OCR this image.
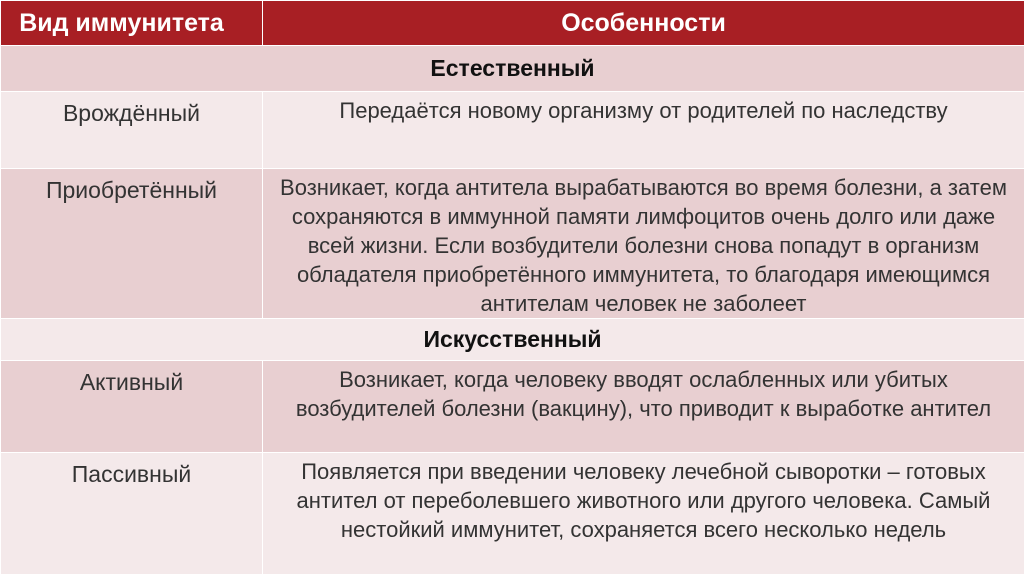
Вид иммунитета	Особенности
Естественный	
Врождённый	Передаётся новому организму от родителей по наследству
Приобретённый	Возникает, когда антитела вырабатываются во время болезни, а затем сохраняются в иммунной памяти лимфоцитов очень долго или даже всей жизни. Если возбудители болезни снова попадут в организм обладателя приобретённого иммунитета, то благодаря имеющимся антителам человек не заболеет
Искусственный	
Активный	Возникает, когда человеку вводят ослабленных или убитых возбудителей болезни (вакцину), что приводит к выработке антител
Пассивный	Появляется при введении человеку лечебной сыворотки – готовых антител от переболевшего животного или другого человека. Самый нестойкий иммунитет, сохраняется всего несколько недель
